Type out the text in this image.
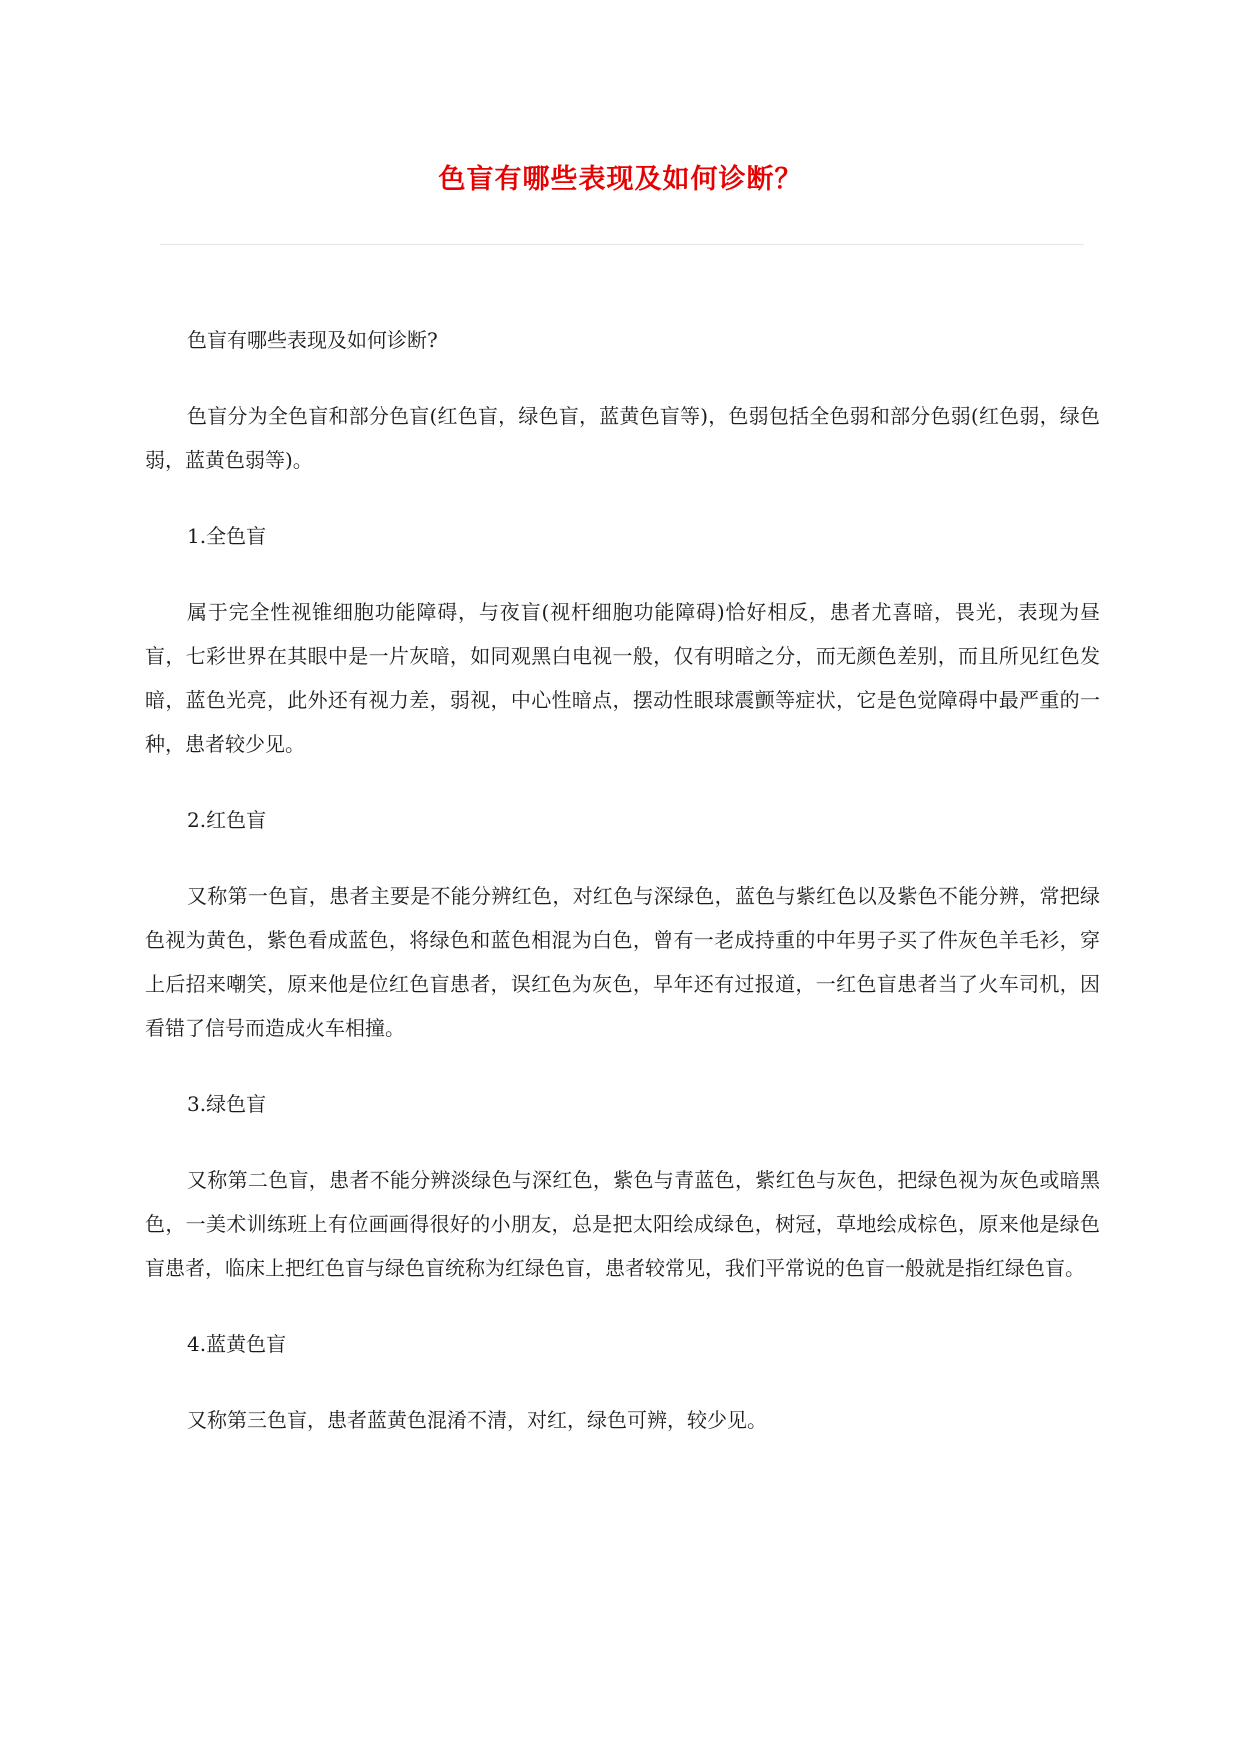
色盲有哪些表现及如何诊断？

色盲有哪些表现及如何诊断?

色盲分为全色盲和部分色盲(红色盲，绿色盲，蓝黄色盲等)，色弱包括全色弱和部分色弱(红色弱，绿色弱，蓝黄色弱等)。

1.全色盲

属于完全性视锥细胞功能障碍，与夜盲(视杆细胞功能障碍)恰好相反，患者尤喜暗，畏光，表现为昼盲，七彩世界在其眼中是一片灰暗，如同观黑白电视一般，仅有明暗之分，而无颜色差别，而且所见红色发暗，蓝色光亮，此外还有视力差，弱视，中心性暗点，摆动性眼球震颤等症状，它是色觉障碍中最严重的一种，患者较少见。

2.红色盲

又称第一色盲，患者主要是不能分辨红色，对红色与深绿色，蓝色与紫红色以及紫色不能分辨，常把绿色视为黄色，紫色看成蓝色，将绿色和蓝色相混为白色，曾有一老成持重的中年男子买了件灰色羊毛衫，穿上后招来嘲笑，原来他是位红色盲患者，误红色为灰色，早年还有过报道，一红色盲患者当了火车司机，因看错了信号而造成火车相撞。

3.绿色盲

又称第二色盲，患者不能分辨淡绿色与深红色，紫色与青蓝色，紫红色与灰色，把绿色视为灰色或暗黑色，一美术训练班上有位画画得很好的小朋友，总是把太阳绘成绿色，树冠，草地绘成棕色，原来他是绿色盲患者，临床上把红色盲与绿色盲统称为红绿色盲，患者较常见，我们平常说的色盲一般就是指红绿色盲。

4.蓝黄色盲

又称第三色盲，患者蓝黄色混淆不清，对红，绿色可辨，较少见。
